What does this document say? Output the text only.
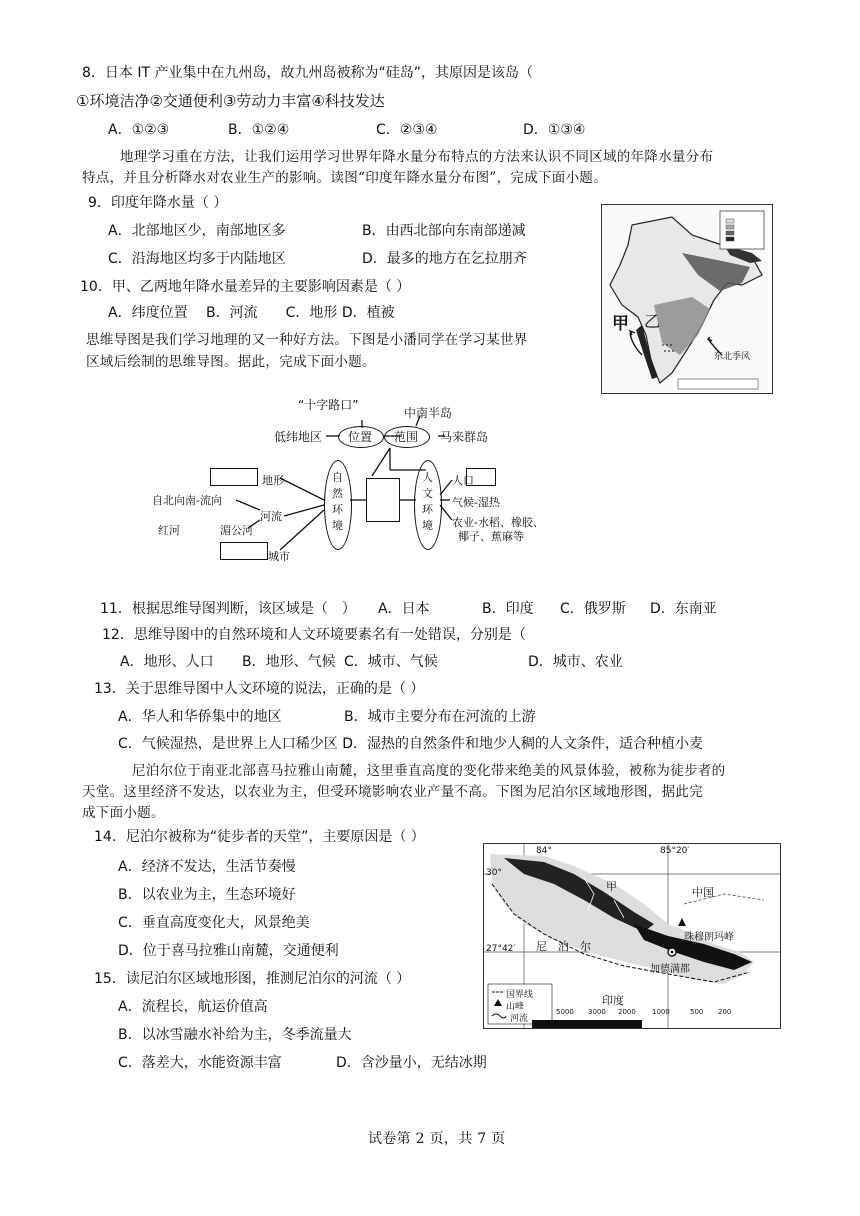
8．日本 IT 产业集中在九州岛，故九州岛被称为“硅岛”，其原因是该岛（
①环境洁净②交通便利③劳动力丰富④科技发达
A．①②③	B．①②④	C．②③④	D．①③④
地理学习重在方法，让我们运用学习世界年降水量分布特点的方法来认识不同区域的年降水量分布
特点，并且分析降水对农业生产的影响。读图“印度年降水量分布图”，完成下面小题。
9．印度年降水量（ ）
A．北部地区少，南部地区多	B．由西北部向东南部递减
C．沿海地区均多于内陆地区	D．最多的地方在乞拉朋齐
10．甲、乙两地年降水量差异的主要影响因素是（ ）
A．纬度位置　 B．河流　　C．地形 D．植被
思维导图是我们学习地理的又一种好方法。下图是小潘同学在学习某世界
区域后绘制的思维导图。据此，完成下面小题。
甲 乙
东北季风
“十字路口”
中南半岛
位置 范围
低纬地区	马来群岛
自然环境
人文环境
地形
河流
自北向南-流向
红河	湄公河
城市
人口
气候-湿热
农业-水稻、橡胶、
椰子、蕉麻等
11．根据思维导图判断，该区域是（　） A．日本	B．印度 C．俄罗斯 D．东南亚
12．思维导图中的自然环境和人文环境要素名有一处错误，分别是（
A．地形、人口 B．地形、气候 C．城市、气候	D．城市、农业
13．关于思维导图中人文环境的说法，正确的是（ ）
A．华人和华侨集中的地区	B．城市主要分布在河流的上游
C．气候湿热，是世界上人口稀少区 D．湿热的自然条件和地少人稠的人文条件，适合种植小麦
尼泊尔位于南亚北部喜马拉雅山南麓，这里垂直高度的变化带来绝美的风景体验，被称为徒步者的
天堂。这里经济不发达，以农业为主，但受环境影响农业产量不高。下图为尼泊尔区域地形图，据此完
成下面小题。
14．尼泊尔被称为“徒步者的天堂”，主要原因是（ ）
A．经济不发达，生活节奏慢
B．以农业为主，生态环境好
C．垂直高度变化大，风景绝美
D．位于喜马拉雅山南麓，交通便利
15．读尼泊尔区域地形图，推测尼泊尔的河流（ ）
A．流程长，航运价值高
B．以冰雪融水补给为主，冬季流量大
C．落差大，水能资源丰富	D．含沙量小，无结冰期
84°	85°20′
30°
27°42′
甲	中国
珠穆朗玛峰
尼　泊　尔
加德满都
印度
国界线
山峰
河流
5000 3000 2000 1000	500 200
试卷第 2 页，共 7 页
